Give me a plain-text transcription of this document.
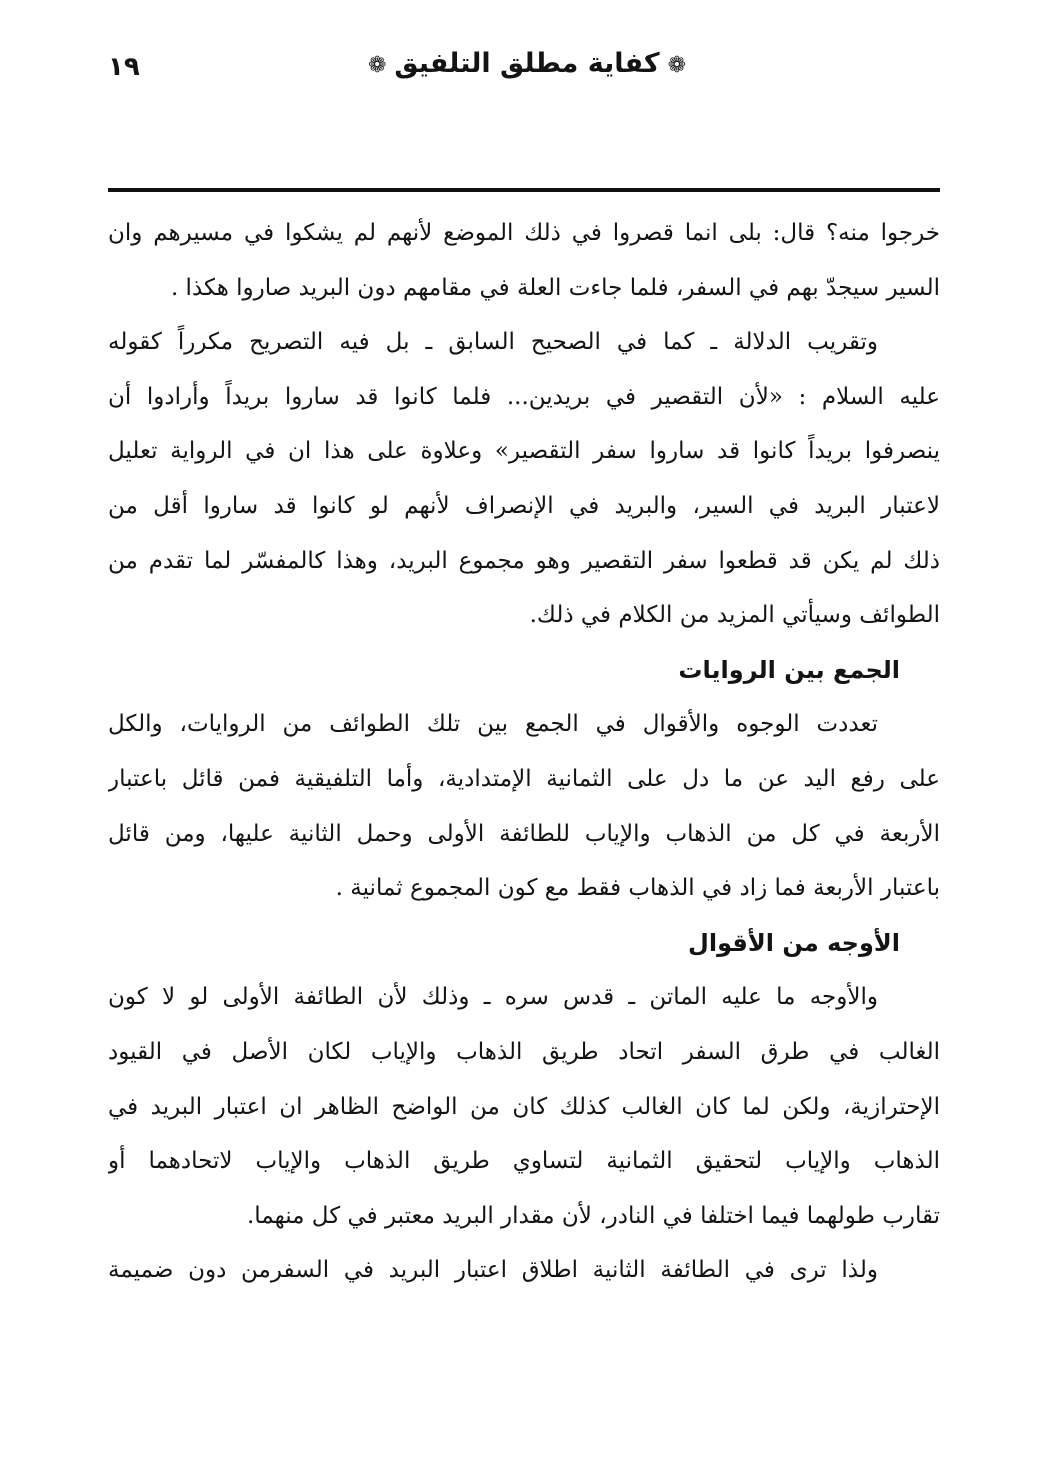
١٩	❁كفاية مطلق التلفيق❁
خرجوا منه؟ قال: بلى انما قصروا في ذلك الموضع لأنهم لم يشكوا في مسيرهم وان
السير سيجدّ بهم في السفر، فلما جاءت العلة في مقامهم دون البريد صاروا هكذا .
وتقريب الدلالة ـ كما في الصحيح السابق ـ بل فيه التصريح مكرراً كقوله
عليه السلام : «لأن التقصير في بريدين... فلما كانوا قد ساروا بريداً وأرادوا أن
ينصرفوا بريداً كانوا قد ساروا سفر التقصير» وعلاوة على هذا ان في الرواية تعليل
لاعتبار البريد في السير، والبريد في الإنصراف لأنهم لو كانوا قد ساروا أقل من
ذلك لم يكن قد قطعوا سفر التقصير وهو مجموع البريد، وهذا كالمفسّر لما تقدم من
الطوائف وسيأتي المزيد من الكلام في ذلك.
الجمع بين الروايات
تعددت الوجوه والأقوال في الجمع بين تلك الطوائف من الروايات، والكل
على رفع اليد عن ما دل على الثمانية الإمتدادية، وأما التلفيقية فمن قائل باعتبار
الأربعة في كل من الذهاب والإياب للطائفة الأولى وحمل الثانية عليها، ومن قائل
باعتبار الأربعة فما زاد في الذهاب فقط مع كون المجموع ثمانية .
الأوجه من الأقوال
والأوجه ما عليه الماتن ـ قدس سره ـ وذلك لأن الطائفة الأولى لو لا كون
الغالب في طرق السفر اتحاد طريق الذهاب والإياب لكان الأصل في القيود
الإحترازية، ولكن لما كان الغالب كذلك كان من الواضح الظاهر ان اعتبار البريد في
الذهاب والإياب لتحقيق الثمانية لتساوي طريق الذهاب والإياب لاتحادهما أو
تقارب طولهما فيما اختلفا في النادر، لأن مقدار البريد معتبر في كل منهما.
ولذا ترى في الطائفة الثانية اطلاق اعتبار البريد في السفرمن دون ضميمة
